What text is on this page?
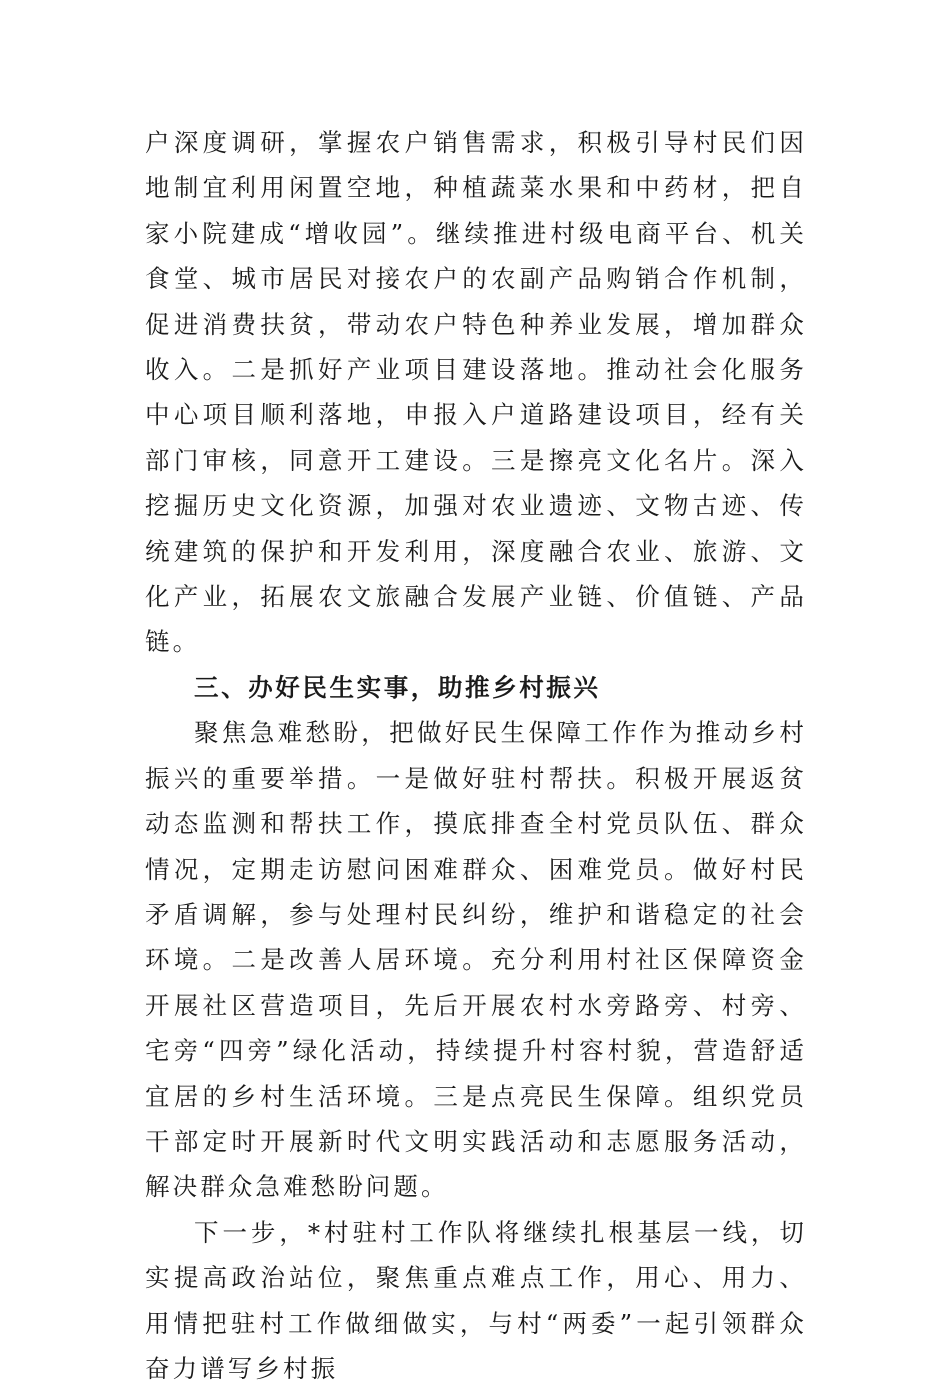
户深度调研，掌握农户销售需求，积极引导村民们因地制宜利用闲置空地，种植蔬菜水果和中药材，把自家小院建成“增收园”。继续推进村级电商平台、机关食堂、城市居民对接农户的农副产品购销合作机制，促进消费扶贫，带动农户特色种养业发展，增加群众收入。二是抓好产业项目建设落地。推动社会化服务中心项目顺利落地，申报入户道路建设项目，经有关部门审核，同意开工建设。三是擦亮文化名片。深入挖掘历史文化资源，加强对农业遗迹、文物古迹、传统建筑的保护和开发利用，深度融合农业、旅游、文化产业，拓展农文旅融合发展产业链、价值链、产品链。

三、办好民生实事，助推乡村振兴

聚焦急难愁盼，把做好民生保障工作作为推动乡村振兴的重要举措。一是做好驻村帮扶。积极开展返贫动态监测和帮扶工作，摸底排查全村党员队伍、群众情况，定期走访慰问困难群众、困难党员。做好村民矛盾调解，参与处理村民纠纷，维护和谐稳定的社会环境。二是改善人居环境。充分利用村社区保障资金开展社区营造项目，先后开展农村水旁路旁、村旁、宅旁“四旁”绿化活动，持续提升村容村貌，营造舒适宜居的乡村生活环境。三是点亮民生保障。组织党员干部定时开展新时代文明实践活动和志愿服务活动，解决群众急难愁盼问题。

下一步，*村驻村工作队将继续扎根基层一线，切实提高政治站位，聚焦重点难点工作，用心、用力、用情把驻村工作做细做实，与村“两委”一起引领群众奋力谱写乡村振
